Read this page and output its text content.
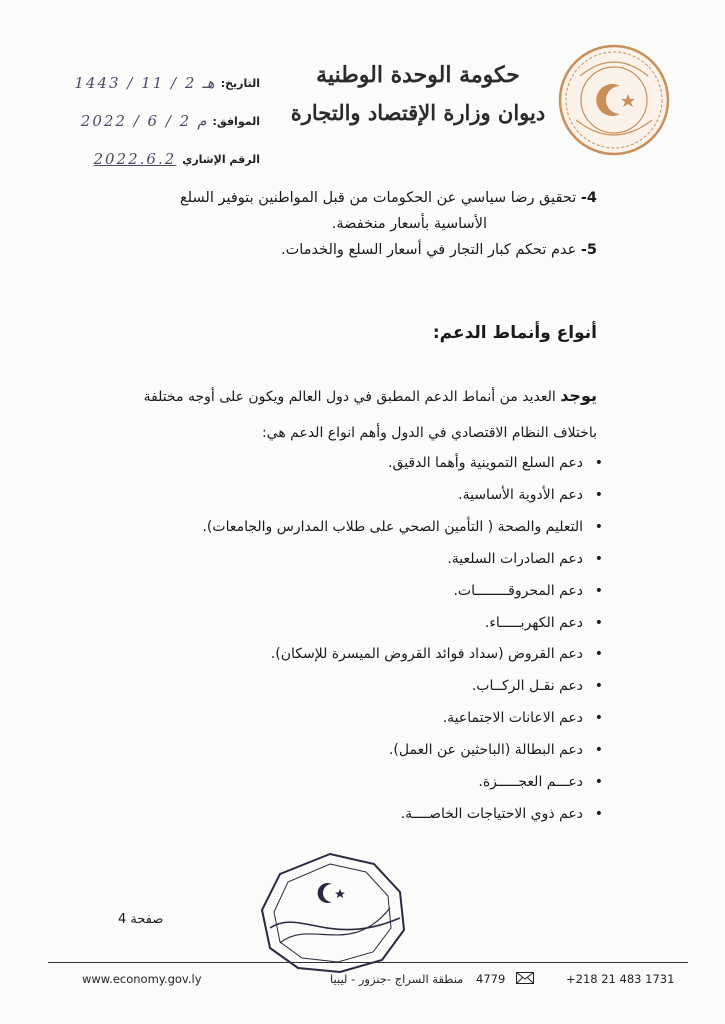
حكومة الوحدة الوطنية
ديوان وزارة الإقتصاد والتجارة
التاريخ:
هـ
1443 / 11 / 2
الموافق:
م
2022 / 6 / 2
الرقم الإشاري
2022.6.2
4- تحقيق رضا سياسي عن الحكومات من قبل المواطنين بتوفير السلع
الأساسية بأسعار منخفضة.
5- عدم تحكم كبار التجار في أسعار السلع والخدمات.
أنواع وأنماط الدعم:
يوجد العديد من أنماط الدعم المطبق في دول العالم ويكون على أوجه مختلفة
باختلاف النظام الاقتصادي في الدول وأهم انواع الدعم هي:
• دعم السلع التموينية وأهما الدقيق.
• دعم الأدوية الأساسية.
• التعليم والصحة ( التأمين الصحي على طلاب المدارس والجامعات).
• دعم الصادرات السلعية.
• دعم المحروقــــــــات.
• دعم الكهربـــــاء.
• دعم القروض (سداد فوائد القروض الميسرة للإسكان).
• دعم نقـل الركــاب.
• دعم الاعانات الاجتماعية.
• دعم البطالة (الباحثين عن العمل).
• دعـــم العجـــــزة.
• دعم ذوي الاحتياجات الخاصــــة.
صفحة 4
www.economy.gov.ly	منطقة السراج -جنزور - ليبيا 4779	+218 21 483 1731
